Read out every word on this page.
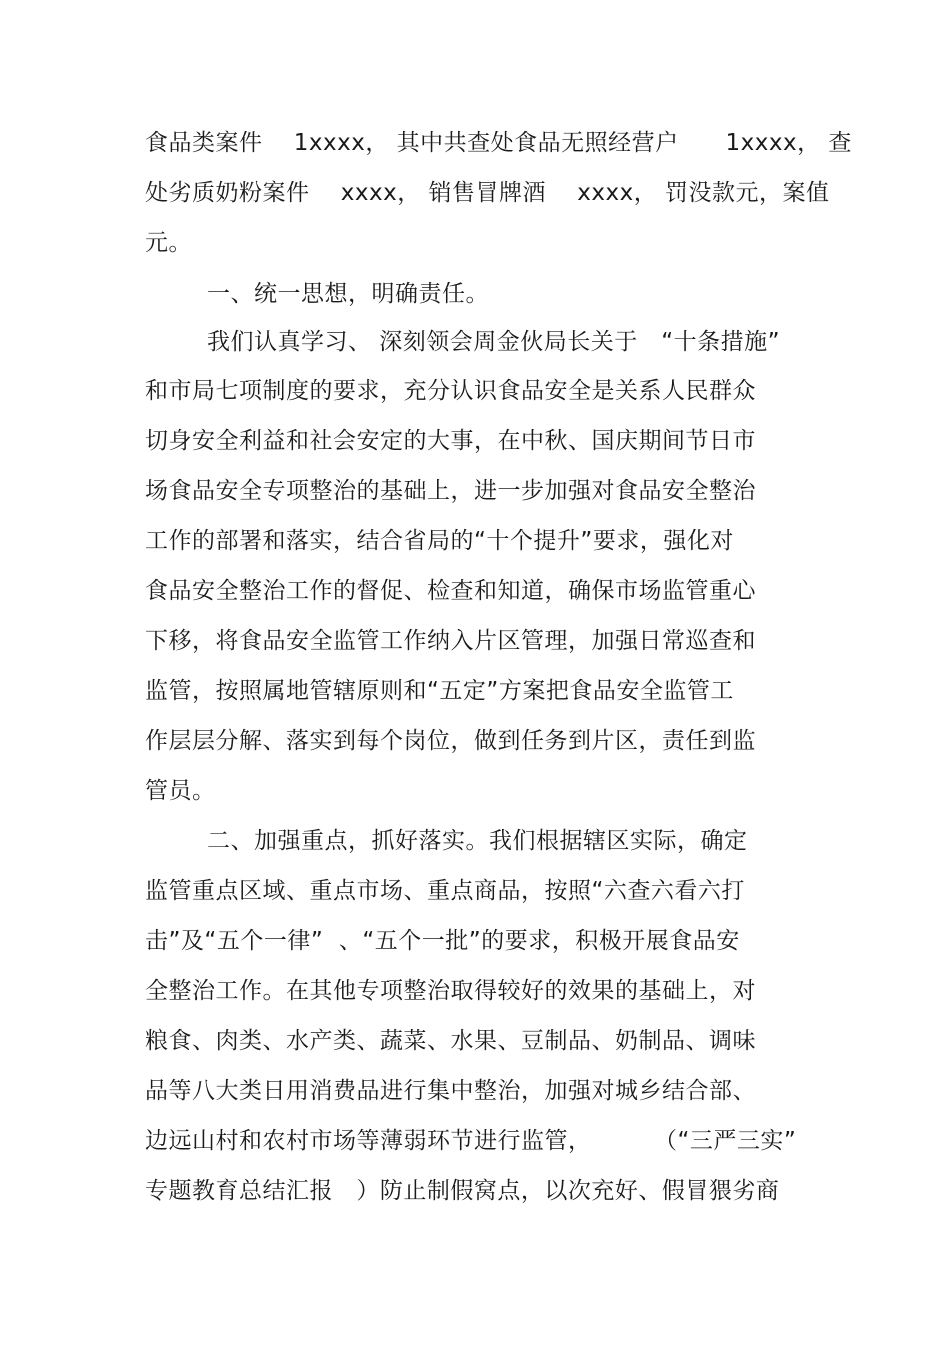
食品类案件    1xxxx， 其中共查处食品无照经营户      1xxxx， 查
处劣质奶粉案件    xxxx， 销售冒牌酒    xxxx， 罚没款元，案值
元。
一、统一思想，明确责任。
我们认真学习、 深刻领会周金伙局长关于   “十条措施”
和市局七项制度的要求，充分认识食品安全是关系人民群众
切身安全利益和社会安定的大事，在中秋、国庆期间节日市
场食品安全专项整治的基础上，进一步加强对食品安全整治
工作的部署和落实，结合省局的“十个提升”要求，强化对
食品安全整治工作的督促、检查和知道，确保市场监管重心
下移，将食品安全监管工作纳入片区管理，加强日常巡查和
监管，按照属地管辖原则和“五定”方案把食品安全监管工
作层层分解、落实到每个岗位，做到任务到片区，责任到监
管员。
二、加强重点，抓好落实。我们根据辖区实际，确定
监管重点区域、重点市场、重点商品，按照“六查六看六打
击”及“五个一律”  、“五个一批”的要求，积极开展食品安
全整治工作。在其他专项整治取得较好的效果的基础上，对
粮食、肉类、水产类、蔬菜、水果、豆制品、奶制品、调味
品等八大类日用消费品进行集中整治，加强对城乡结合部、
边远山村和农村市场等薄弱环节进行监管，        （“三严三实”
专题教育总结汇报   ）防止制假窝点，以次充好、假冒猥劣商
